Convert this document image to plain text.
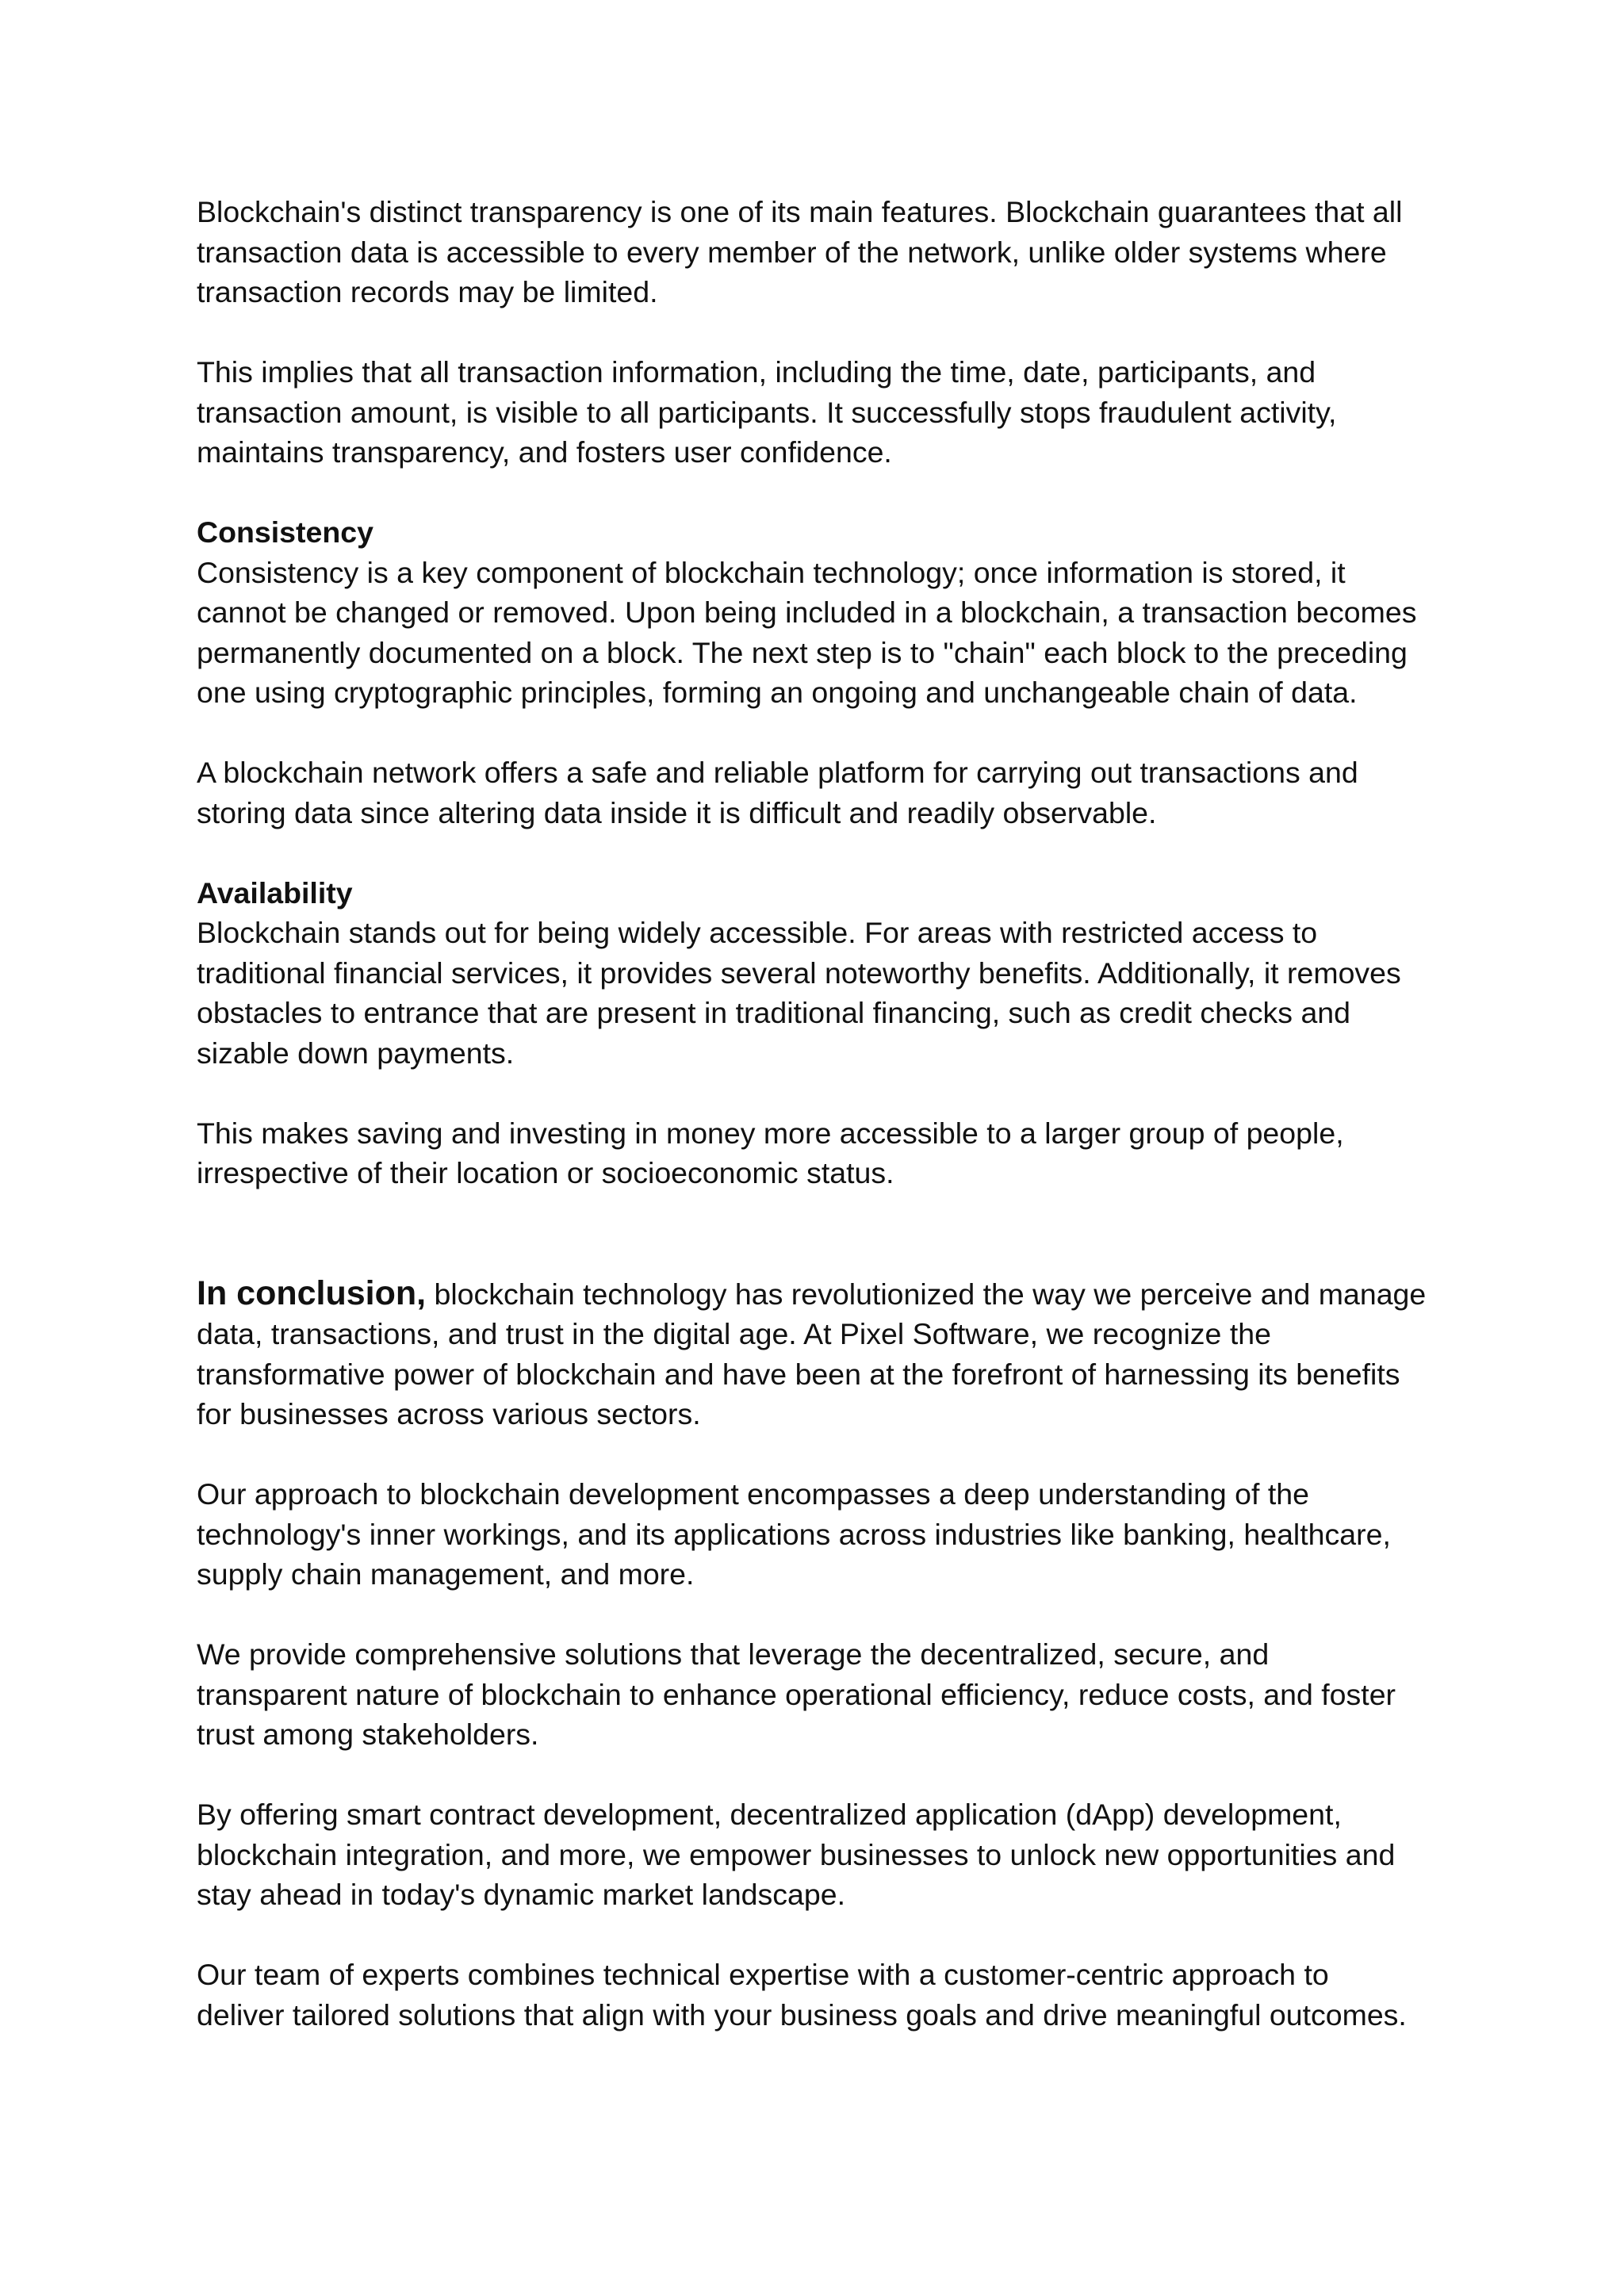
Blockchain's distinct transparency is one of its main features. Blockchain guarantees that all

transaction data is accessible to every member of the network, unlike older systems where

transaction records may be limited.

This implies that all transaction information, including the time, date, participants, and

transaction amount, is visible to all participants. It successfully stops fraudulent activity,

maintains transparency, and fosters user confidence.

Consistency

Consistency is a key component of blockchain technology; once information is stored, it

cannot be changed or removed. Upon being included in a blockchain, a transaction becomes

permanently documented on a block. The next step is to "chain" each block to the preceding

one using cryptographic principles, forming an ongoing and unchangeable chain of data.

A blockchain network offers a safe and reliable platform for carrying out transactions and

storing data since altering data inside it is difficult and readily observable.

Availability

Blockchain stands out for being widely accessible. For areas with restricted access to

traditional financial services, it provides several noteworthy benefits. Additionally, it removes

obstacles to entrance that are present in traditional financing, such as credit checks and

sizable down payments.

This makes saving and investing in money more accessible to a larger group of people,

irrespective of their location or socioeconomic status.

In conclusion, blockchain technology has revolutionized the way we perceive and manage

data, transactions, and trust in the digital age. At Pixel Software, we recognize the

transformative power of blockchain and have been at the forefront of harnessing its benefits

for businesses across various sectors.

Our approach to blockchain development encompasses a deep understanding of the

technology's inner workings, and its applications across industries like banking, healthcare,

supply chain management, and more.

We provide comprehensive solutions that leverage the decentralized, secure, and

transparent nature of blockchain to enhance operational efficiency, reduce costs, and foster

trust among stakeholders.

By offering smart contract development, decentralized application (dApp) development,

blockchain integration, and more, we empower businesses to unlock new opportunities and

stay ahead in today's dynamic market landscape.

Our team of experts combines technical expertise with a customer-centric approach to

deliver tailored solutions that align with your business goals and drive meaningful outcomes.
